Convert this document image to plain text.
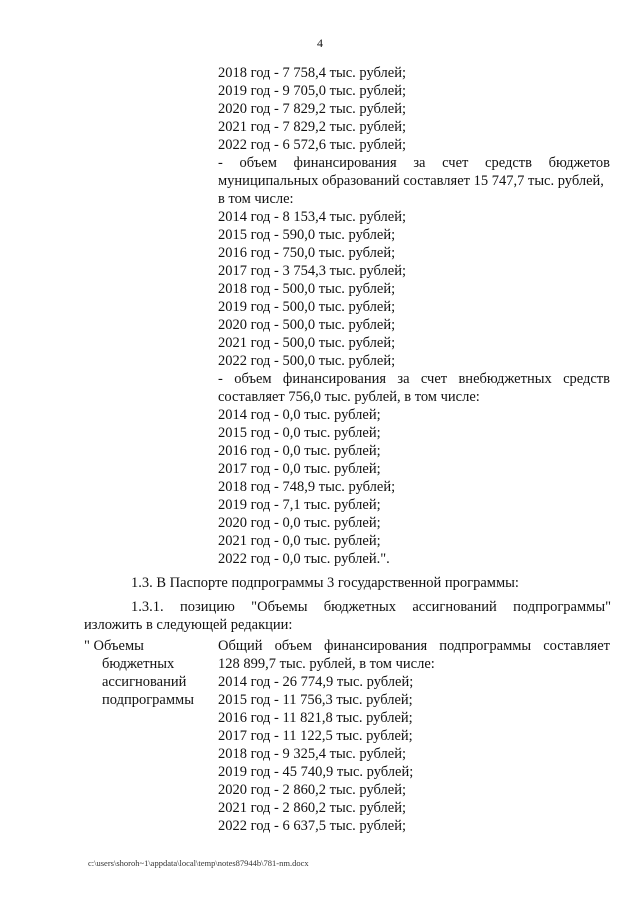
4
2018 год - 7 758,4 тыс. рублей;
2019 год - 9 705,0 тыс. рублей;
2020 год - 7 829,2 тыс. рублей;
2021 год - 7 829,2 тыс. рублей;
2022 год - 6 572,6 тыс. рублей;
- объем финансирования за счет средств бюджетов
муниципальных образований составляет 15 747,7 тыс. рублей,
в том числе:
2014 год - 8 153,4 тыс. рублей;
2015 год - 590,0 тыс. рублей;
2016 год - 750,0 тыс. рублей;
2017 год - 3 754,3 тыс. рублей;
2018 год - 500,0 тыс. рублей;
2019 год - 500,0 тыс. рублей;
2020 год - 500,0 тыс. рублей;
2021 год - 500,0 тыс. рублей;
2022 год - 500,0 тыс. рублей;
- объем финансирования за счет внебюджетных средств
составляет 756,0 тыс. рублей, в том числе:
2014 год - 0,0 тыс. рублей;
2015 год - 0,0 тыс. рублей;
2016 год - 0,0 тыс. рублей;
2017 год - 0,0 тыс. рублей;
2018 год - 748,9 тыс. рублей;
2019 год - 7,1 тыс. рублей;
2020 год - 0,0 тыс. рублей;
2021 год - 0,0 тыс. рублей;
2022 год - 0,0 тыс. рублей.".
1.3. В Паспорте подпрограммы 3 государственной программы:
1.3.1. позицию "Объемы бюджетных ассигнований подпрограммы"
изложить в следующей редакции:
" Объемы
бюджетных
ассигнований
подпрограммы
Общий объем финансирования подпрограммы составляет
128 899,7 тыс. рублей, в том числе:
2014 год - 26 774,9 тыс. рублей;
2015 год - 11 756,3 тыс. рублей;
2016 год - 11 821,8 тыс. рублей;
2017 год - 11 122,5 тыс. рублей;
2018 год - 9 325,4 тыс. рублей;
2019 год - 45 740,9 тыс. рублей;
2020 год - 2 860,2 тыс. рублей;
2021 год - 2 860,2 тыс. рублей;
2022 год - 6 637,5 тыс. рублей;
c:\users\shoroh~1\appdata\local\temp\notes87944b\781-nm.docx
